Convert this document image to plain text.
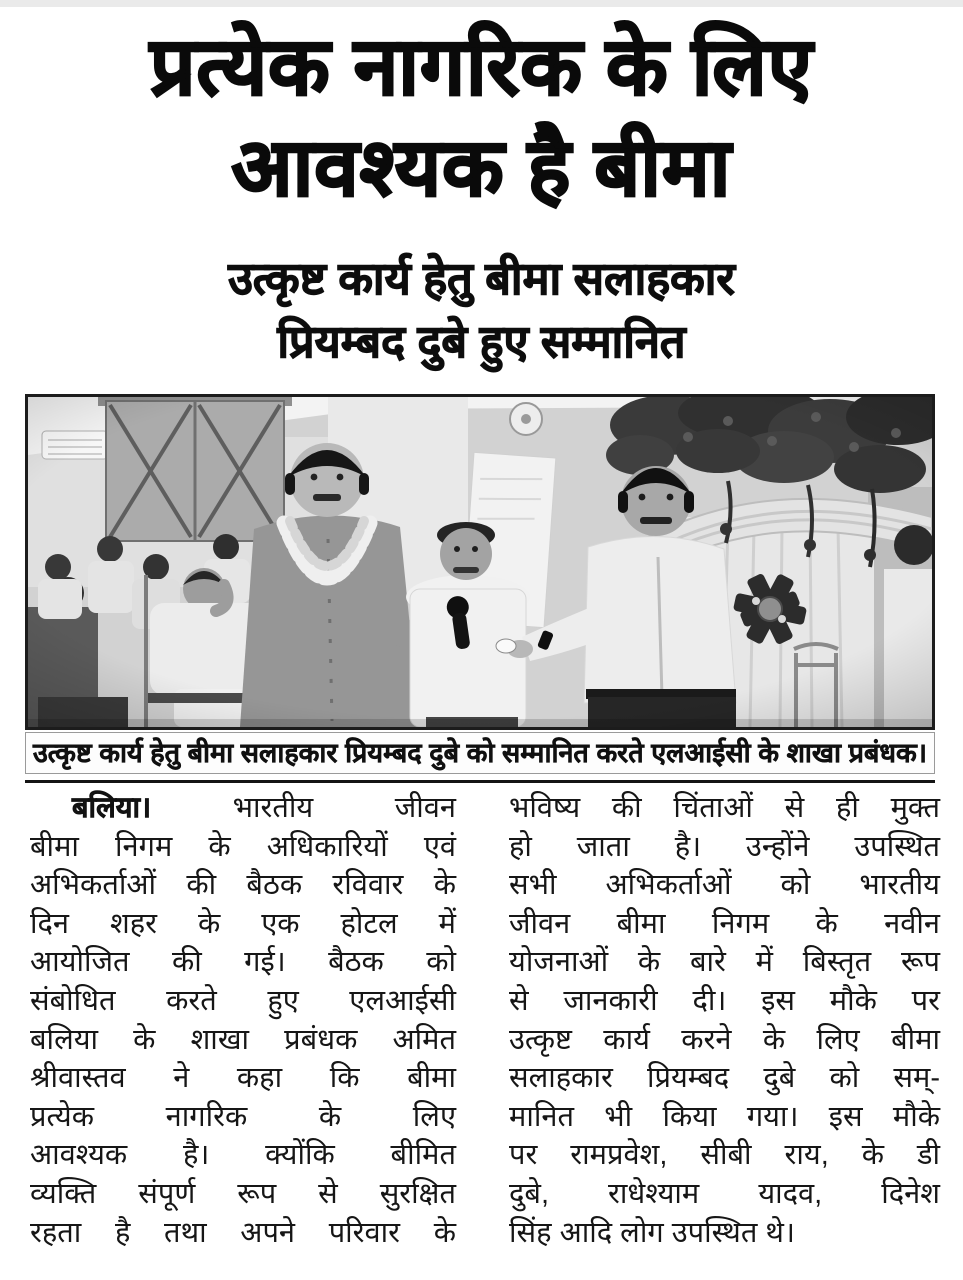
प्रत्येक नागरिक के लिए
आवश्यक है बीमा
उत्कृष्ट कार्य हेतु बीमा सलाहकार
प्रियम्बद दुबे हुए सम्मानित
उत्कृष्ट कार्य हेतु बीमा सलाहकार प्रियम्बद दुबे को सम्मानित करते एलआईसी के शाखा प्रबंधक।
बलिया।	भारतीय जीवन
बीमा निगम के अधिकारियों एवं
अभिकर्ताओं की बैठक रविवार के
दिन शहर के एक होटल में
आयोजित की गई। बैठक को
संबोधित करते हुए एलआईसी
बलिया के शाखा प्रबंधक अमित
श्रीवास्तव ने कहा कि बीमा
प्रत्येक नागरिक के लिए
आवश्यक है। क्योंकि बीमित
व्यक्ति संपूर्ण रूप से सुरक्षित
रहता है तथा अपने परिवार के
भविष्य की चिंताओं से ही मुक्त
हो जाता है। उन्होंने उपस्थित
सभी अभिकर्ताओं को भारतीय
जीवन बीमा निगम के नवीन
योजनाओं के बारे में बिस्तृत रूप
से जानकारी दी। इस मौके पर
उत्कृष्ट कार्य करने के लिए बीमा
सलाहकार प्रियम्बद दुबे को सम्-
मानित भी किया गया। इस मौके
पर रामप्रवेश, सीबी राय, के डी
दुबे, राधेश्याम यादव, दिनेश
सिंह आदि लोग उपस्थित थे।
